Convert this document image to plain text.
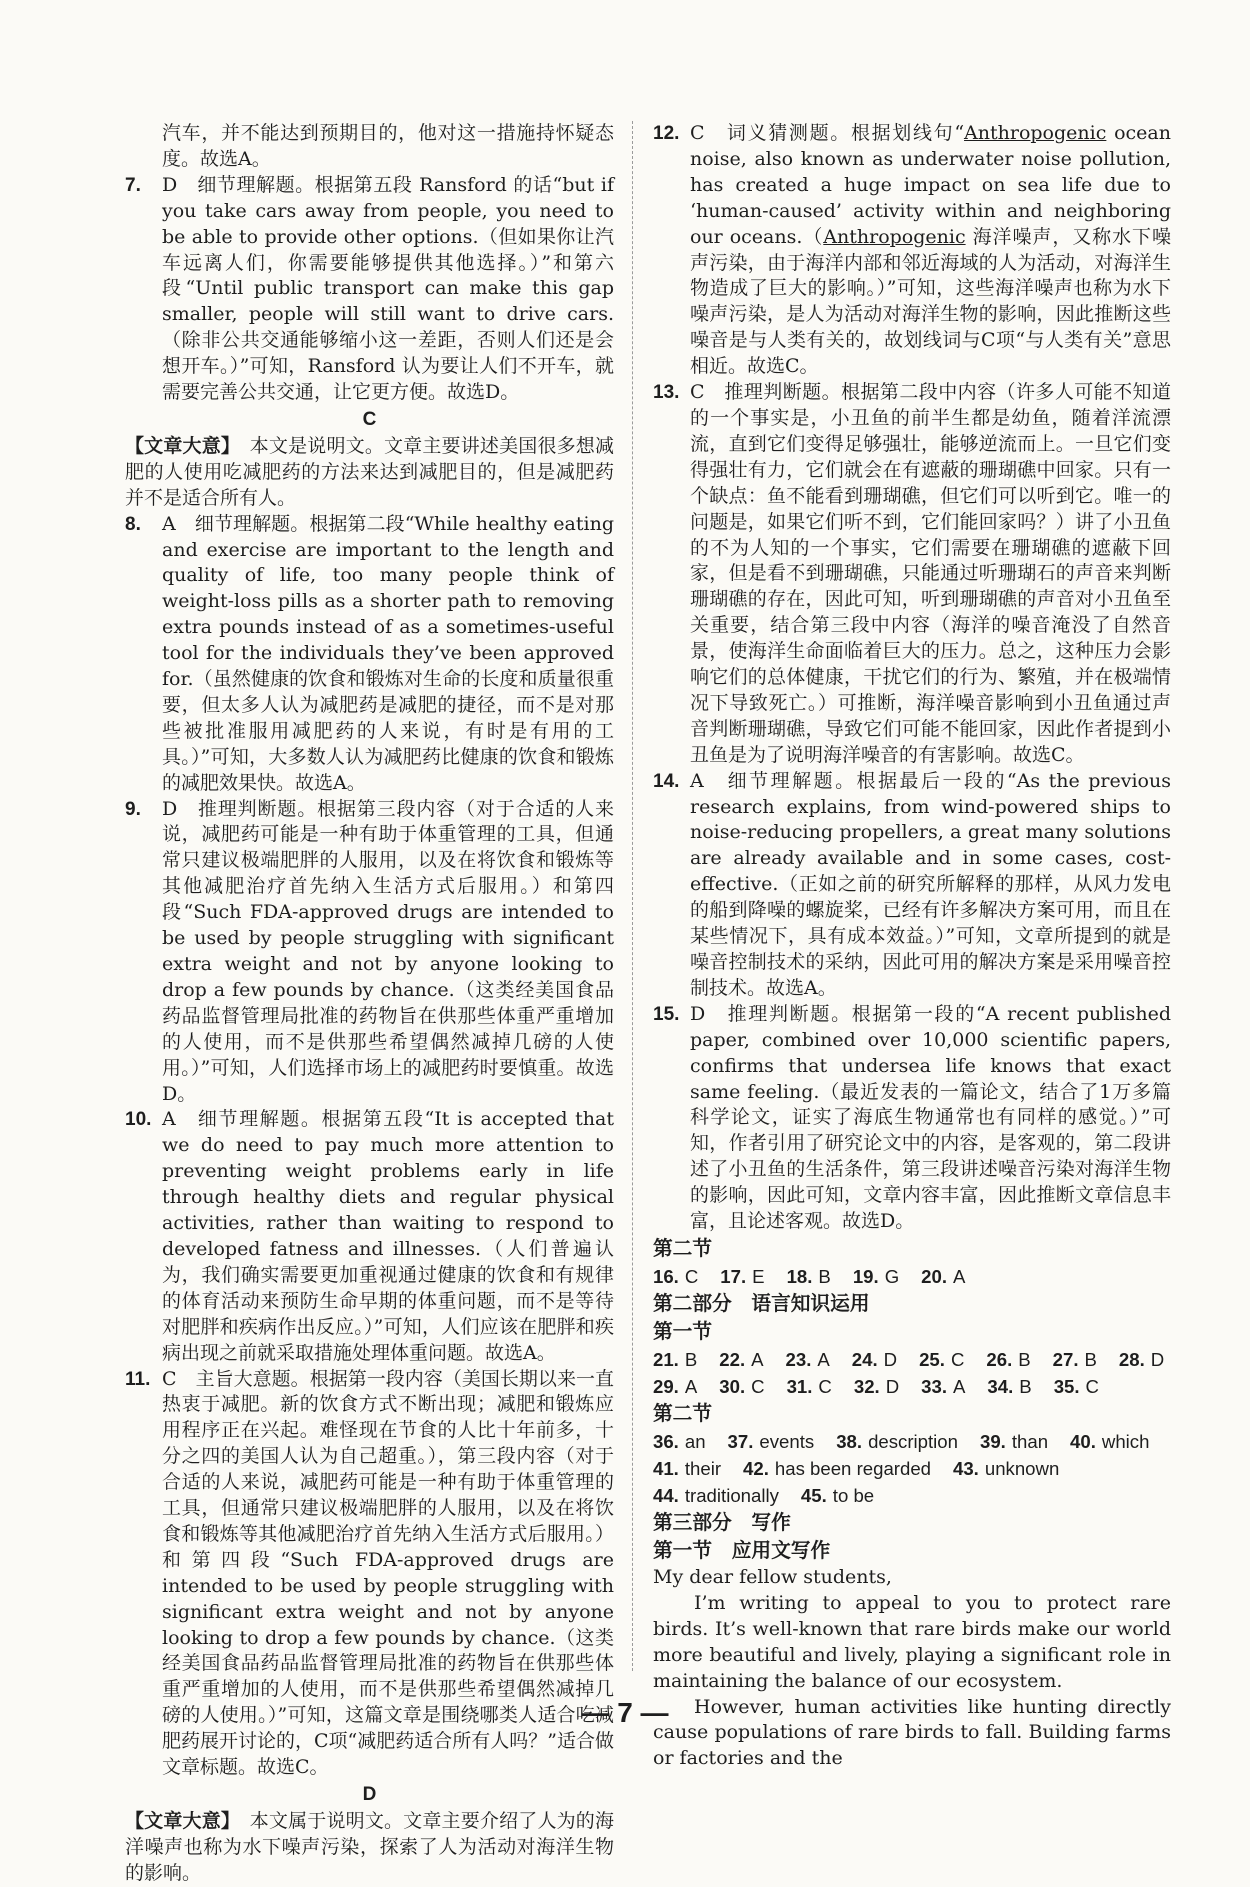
汽车，并不能达到预期目的，他对这一措施持怀疑态度。故选A。

7. D　细节理解题。根据第五段 Ransford 的话“but if you take cars away from people, you need to be able to provide other options.（但如果你让汽车远离人们，你需要能够提供其他选择。）”和第六段“Until public transport can make this gap smaller, people will still want to drive cars.（除非公共交通能够缩小这一差距，否则人们还是会想开车。）”可知，Ransford 认为要让人们不开车，就需要完善公共交通，让它更方便。故选D。
C

【文章大意】　本文是说明文。文章主要讲述美国很多想减肥的人使用吃减肥药的方法来达到减肥目的，但是减肥药并不是适合所有人。

8. A　细节理解题。根据第二段“While healthy eating and exercise are important to the length and quality of life, too many people think of weight-loss pills as a shorter path to removing extra pounds instead of as a sometimes-useful tool for the individuals they’ve been approved for.（虽然健康的饮食和锻炼对生命的长度和质量很重要，但太多人认为减肥药是减肥的捷径，而不是对那些被批准服用减肥药的人来说，有时是有用的工具。）”可知，大多数人认为减肥药比健康的饮食和锻炼的减肥效果快。故选A。
9. D　推理判断题。根据第三段内容（对于合适的人来说，减肥药可能是一种有助于体重管理的工具，但通常只建议极端肥胖的人服用，以及在将饮食和锻炼等其他减肥治疗首先纳入生活方式后服用。）和第四段“Such FDA-approved drugs are intended to be used by people struggling with significant extra weight and not by anyone looking to drop a few pounds by chance.（这类经美国食品药品监督管理局批准的药物旨在供那些体重严重增加的人使用，而不是供那些希望偶然减掉几磅的人使用。）”可知，人们选择市场上的减肥药时要慎重。故选D。
10. A　细节理解题。根据第五段“It is accepted that we do need to pay much more attention to preventing weight problems early in life through healthy diets and regular physical activities, rather than waiting to respond to developed fatness and illnesses.（人们普遍认为，我们确实需要更加重视通过健康的饮食和有规律的体育活动来预防生命早期的体重问题，而不是等待对肥胖和疾病作出反应。）”可知，人们应该在肥胖和疾病出现之前就采取措施处理体重问题。故选A。
11. C　主旨大意题。根据第一段内容（美国长期以来一直热衷于减肥。新的饮食方式不断出现；减肥和锻炼应用程序正在兴起。难怪现在节食的人比十年前多，十分之四的美国人认为自己超重。），第三段内容（对于合适的人来说，减肥药可能是一种有助于体重管理的工具，但通常只建议极端肥胖的人服用，以及在将饮食和锻炼等其他减肥治疗首先纳入生活方式后服用。）和第四段“Such FDA-approved drugs are intended to be used by people struggling with significant extra weight and not by anyone looking to drop a few pounds by chance.（这类经美国食品药品监督管理局批准的药物旨在供那些体重严重增加的人使用，而不是供那些希望偶然减掉几磅的人使用。）”可知，这篇文章是围绕哪类人适合吃减肥药展开讨论的，C项“减肥药适合所有人吗？”适合做文章标题。故选C。
D

【文章大意】　本文属于说明文。文章主要介绍了人为的海洋噪声也称为水下噪声污染，探索了人为活动对海洋生物的影响。

12. C　词义猜测题。根据划线句“Anthropogenic ocean noise, also known as underwater noise pollution, has created a huge impact on sea life due to ‘human-caused’ activity within and neighboring our oceans.（Anthropogenic 海洋噪声，又称水下噪声污染，由于海洋内部和邻近海域的人为活动，对海洋生物造成了巨大的影响。）”可知，这些海洋噪声也称为水下噪声污染，是人为活动对海洋生物的影响，因此推断这些噪音是与人类有关的，故划线词与C项“与人类有关”意思相近。故选C。
13. C　推理判断题。根据第二段中内容（许多人可能不知道的一个事实是，小丑鱼的前半生都是幼鱼，随着洋流漂流，直到它们变得足够强壮，能够逆流而上。一旦它们变得强壮有力，它们就会在有遮蔽的珊瑚礁中回家。只有一个缺点：鱼不能看到珊瑚礁，但它们可以听到它。唯一的问题是，如果它们听不到，它们能回家吗？）讲了小丑鱼的不为人知的一个事实，它们需要在珊瑚礁的遮蔽下回家，但是看不到珊瑚礁，只能通过听珊瑚石的声音来判断珊瑚礁的存在，因此可知，听到珊瑚礁的声音对小丑鱼至关重要，结合第三段中内容（海洋的噪音淹没了自然音景，使海洋生命面临着巨大的压力。总之，这种压力会影响它们的总体健康，干扰它们的行为、繁殖，并在极端情况下导致死亡。）可推断，海洋噪音影响到小丑鱼通过声音判断珊瑚礁，导致它们可能不能回家，因此作者提到小丑鱼是为了说明海洋噪音的有害影响。故选C。
14. A　细节理解题。根据最后一段的“As the previous research explains, from wind-powered ships to noise-reducing propellers, a great many solutions are already available and in some cases, cost-effective.（正如之前的研究所解释的那样，从风力发电的船到降噪的螺旋桨，已经有许多解决方案可用，而且在某些情况下，具有成本效益。）”可知，文章所提到的就是噪音控制技术的采纳，因此可用的解决方案是采用噪音控制技术。故选A。
15. D　推理判断题。根据第一段的“A recent published paper, combined over 10,000 scientific papers, confirms that undersea life knows that exact same feeling.（最近发表的一篇论文，结合了1万多篇科学论文，证实了海底生物通常也有同样的感觉。）”可知，作者引用了研究论文中的内容，是客观的，第二段讲述了小丑鱼的生活条件，第三段讲述噪音污染对海洋生物的影响，因此可知，文章内容丰富，因此推断文章信息丰富，且论述客观。故选D。
第二节
16. C 17. E 18. B 19. G 20. A
第二部分　语言知识运用
第一节
21. B 22. A 23. A 24. D 25. C 26. B 27. B 28. D
29. A 30. C 31. C 32. D 33. A 34. B 35. C
第二节
36. an 37. events 38. description 39. than 40. which
41. their 42. has been regarded 43. unknown
44. traditionally 45. to be
第三部分　写作
第一节　应用文写作

My dear fellow students,

I’m writing to appeal to you to protect rare birds. It’s well-known that rare birds make our world more beautiful and lively, playing a significant role in maintaining the balance of our ecosystem.

However, human activities like hunting directly cause populations of rare birds to fall. Building farms or factories and the

— 7 —
